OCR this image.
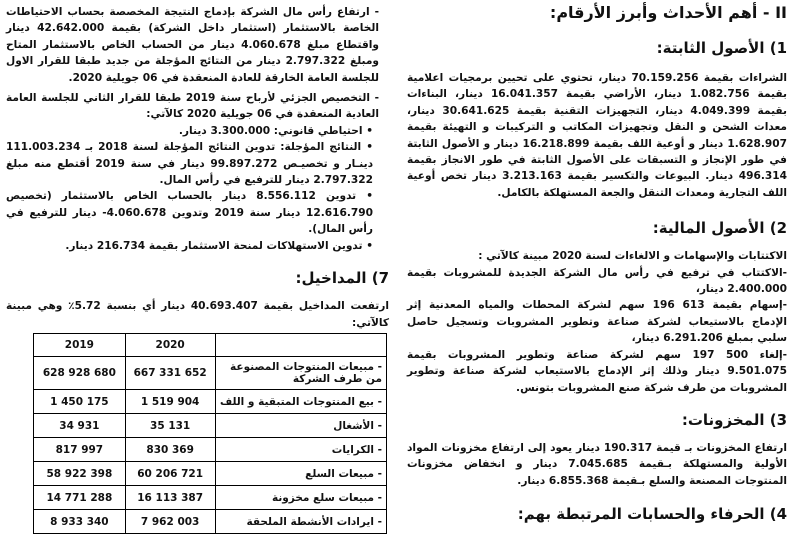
II - أهم الأحداث وأبرز الأرقام:
1) الأصول الثابتة:

الشراءات بقيمة 70.159.256 دينار، تحتوي على تحيين برمجيات اعلامية بقيمة 1.082.756 دينار، الأراضي بقيمة 16.041.357 دينار، البناءات بقيمة 4.049.399 دينار، التجهيزات التقنية بقيمة 30.641.625 دينار، معدات الشحن و النقل وتجهيزات المكاتب و التركيبات و التهيئة بقيمة 1.628.907 دينار و أوعية اللف بقيمة 16.218.899 دينار و الأصول الثابتة في طور الإنجاز و التسبقات على الأصول الثابتة في طور الانجاز بقيمة 496.314 دينار. البيوعات والتكسير بقيمة 3.213.163 دينار تخص أوعية اللف التجارية ومعدات التنقل والجعة المستهلكة بالكامل.

2) الأصول المالية:

الاكتتابات والإسهامات و الالغاءات لسنة 2020 مبينة كالآتي :

-الاكتتاب في ترفيع في رأس مال الشركة الجديدة للمشروبات بقيمة 2.400.000 دينار،

-إسهام بقيمة 613 196 سهم لشركة المحطات والمياه المعدنية إثر الإدماج بالاستيعاب لشركة صناعة وتطوير المشروبات وتسجيل حاصل سلبي بمبلغ 6.291.206 دينار،

-إلغاء 500 197 سهم لشركة صناعة وتطوير المشروبات بقيمة 9.501.075 دينار وذلك إثر الإدماج بالاستيعاب لشركة صناعة وتطوير المشروبات من طرف شركة صنع المشروبات بتونس.

3) المخزونات:

ارتفاع المخزونات بـ قيمة 190.317 دينار يعود إلى ارتفاع مخزونات المواد الأولية والمستهلكة بـقيمة 7.045.685 دينار و انخفاض مخزونات المنتوجات المصنعة والسلع بـقيمة 6.855.368 دينار.

4) الحرفاء والحسابات المرتبطة بهم:

- ارتفاع رأس مال الشركة بإدماج النتيجة المخصصة بحساب الاحتياطات الخاصة بالاستثمار (استثمار داخل الشركة) بقيمة 42.642.000 دينار واقتطاع مبلغ 4.060.678 دينار من الحساب الخاص بالاستثمار المتاح ومبلغ 2.797.322 دينار من النتائج المؤجلة من جديد طبقا للقرار الاول للجلسة العامة الخارقة للعادة المنعقدة في 06 جويلية 2020.

- التخصيص الجزئي لأرباح سنة 2019 طبقا للقرار الثاني للجلسة العامة العادية المنعقدة في 06 جويلية 2020 كالآتي:

• احتياطي قانوني: 3.300.000 دينار.

• النتائج المؤجلة: تدوين النتائج المؤجلة لسنة 2018 بـ 111.003.234 دينـار و تخصيـص 99.897.272 دينار في سنة 2019 أقتطع منه مبلغ 2.797.322 دينار للترفيع في رأس المال.

• تدوين 8.556.112 دينار بالحساب الخاص بالاستثمار (تخصيص 12.616.790 دينار سنة 2019 وتدوين 4.060.678- دينار للترفيع في رأس المال).

• تدوين الاستهلاكات لمنحة الاستثمار بقيمة 216.734 دينار.

7) المداخيل:

ارتفعت المداخيل بقيمة 40.693.407 دينار أي بنسبة 5.72٪ وهي مبينة كالآتي:

	2020	2019
- مبيعات المنتوجات المصنوعة من طرف الشركة	667 331 652	628 928 680
- بيع المنتوجات المتبقية و اللف	1 519 904	1 450 175
- الأشغال	35 131	34 931
- الكرايات	830 369	817 997
- مبيعات السلع	60 206 721	58 922 398
- مبيعات سلع مخزونة	16 113 387	14 771 288
- ايرادات الأنشطة الملحقة	7 962 003	8 933 340
